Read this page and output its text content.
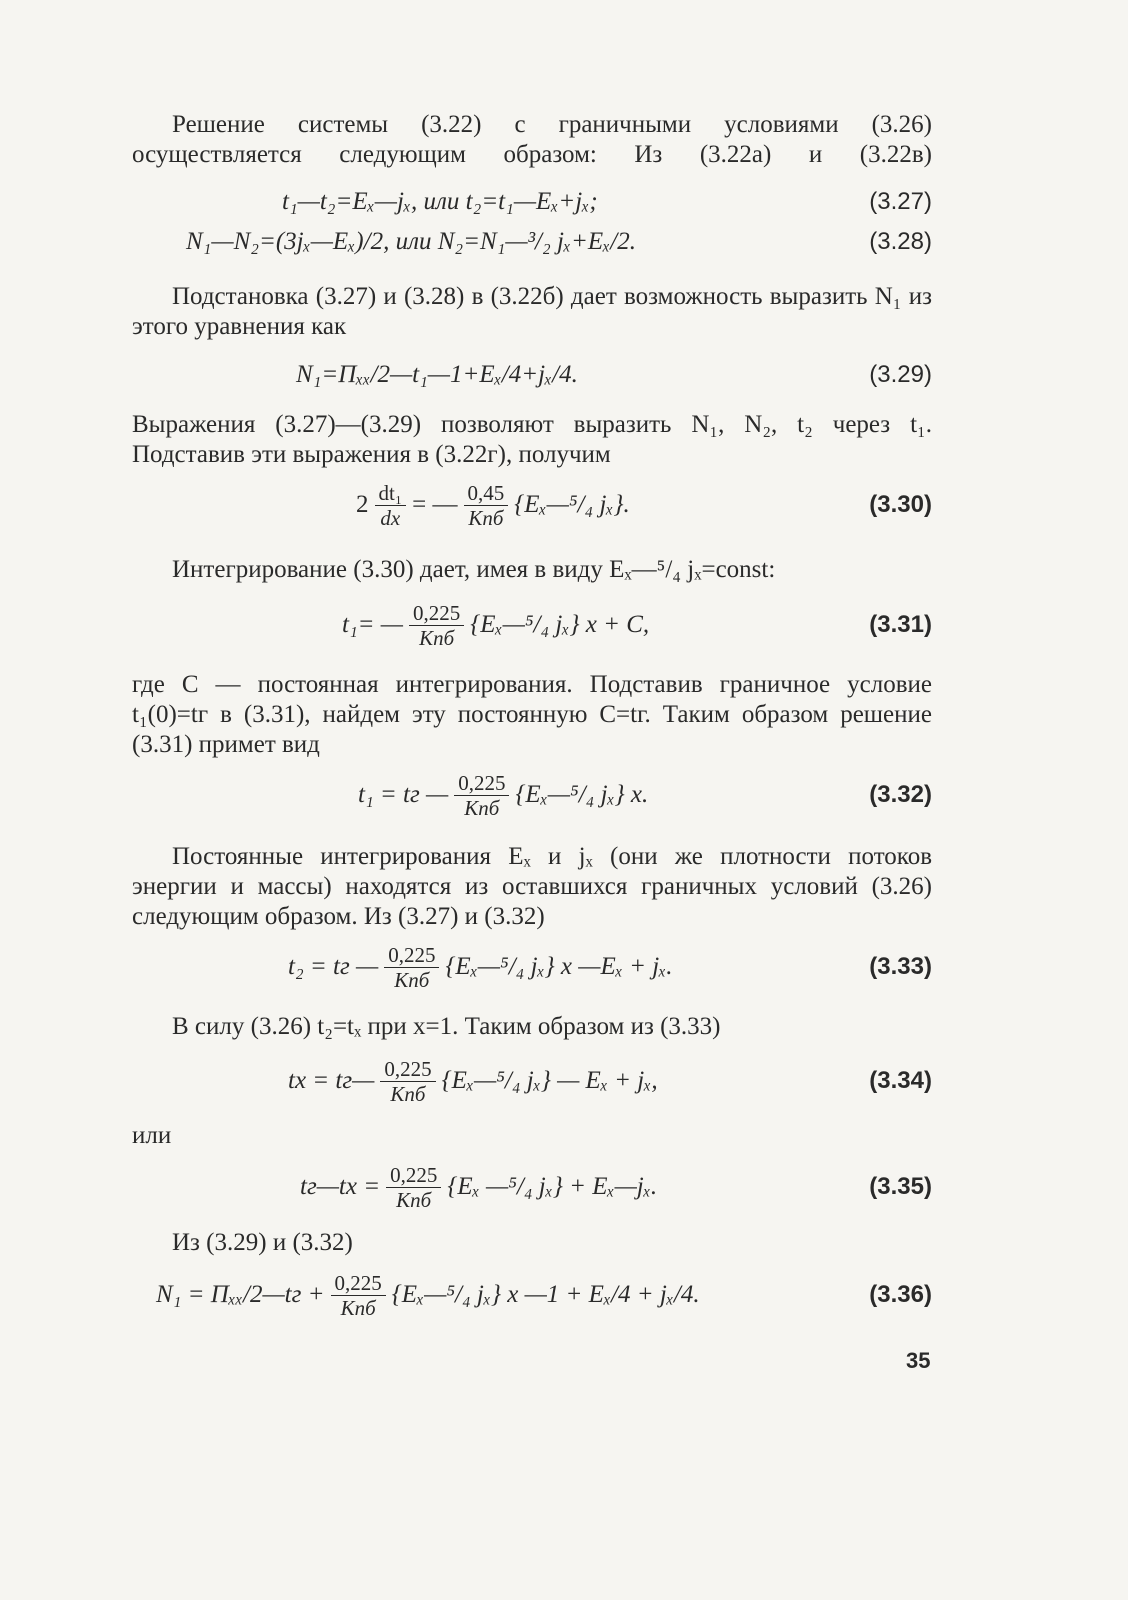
Решение системы (3.22) с граничными условиями (3.26) осуществляется следующим образом: Из (3.22а) и (3.22в)
t₁—t₂=Eₓ—jₓ, или t₂=t₁—Eₓ+jₓ;	(3.27)
N₁—N₂=(3jₓ—Eₓ)/2, или N₂=N₁—³/₂ jₓ+Eₓ/2.	(3.28)
Подстановка (3.27) и (3.28) в (3.22б) дает возможность выразить N₁ из этого уравнения как
N₁=Πₓₓ/2—t₁—1+Eₓ/4+jₓ/4.	(3.29)
Выражения (3.27)—(3.29) позволяют выразить N₁, N₂, t₂ через t₁. Подставив эти выражения в (3.22г), получим
$2 \frac{\text{dt₁}}{dx}$ = — $\frac{0,45}{\text{Knб}}$ {Eₓ—⁵/₄ jₓ}.	(3.30)
Интегрирование (3.30) дает, имея в виду Eₓ—⁵/₄ jₓ=const:
t₁= — $\frac{0,225}{\text{Knб}}$ {Eₓ—⁵/₄ jₓ} x + C,	(3.31)
где C — постоянная интегрирования. Подставив граничное условие t₁(0)=tг в (3.31), найдем эту постоянную C=tг. Таким образом решение (3.31) примет вид
t₁ = tг — $\frac{0,225}{\text{Knб}}$ {Eₓ—⁵/₄ jₓ} x.	(3.32)
Постоянные интегрирования Eₓ и jₓ (они же плотности потоков энергии и массы) находятся из оставшихся граничных условий (3.26) следующим образом. Из (3.27) и (3.32)
t₂ = tг — $\frac{0,225}{\text{Knб}}$ {Eₓ—⁵/₄ jₓ} x —Eₓ + jₓ.	(3.33)
В силу (3.26) t₂=tₓ при x=1. Таким образом из (3.33)
tх = tг— $\frac{0,225}{\text{Knб}}$ {Eₓ—⁵/₄ jₓ} — Eₓ + jₓ,	(3.34)
или
tг—tх = $\frac{0,225}{\text{Knб}} \{E_x$ —⁵/₄ jₓ} + Eₓ—jₓ.	(3.35)
Из (3.29) и (3.32)
N₁ = Πₓₓ/2—tг + $\frac{0,225}{\text{Knб}}$ {Eₓ—⁵/₄ jₓ} x —1 + Eₓ/4 + jₓ/4.	(3.36)
35
